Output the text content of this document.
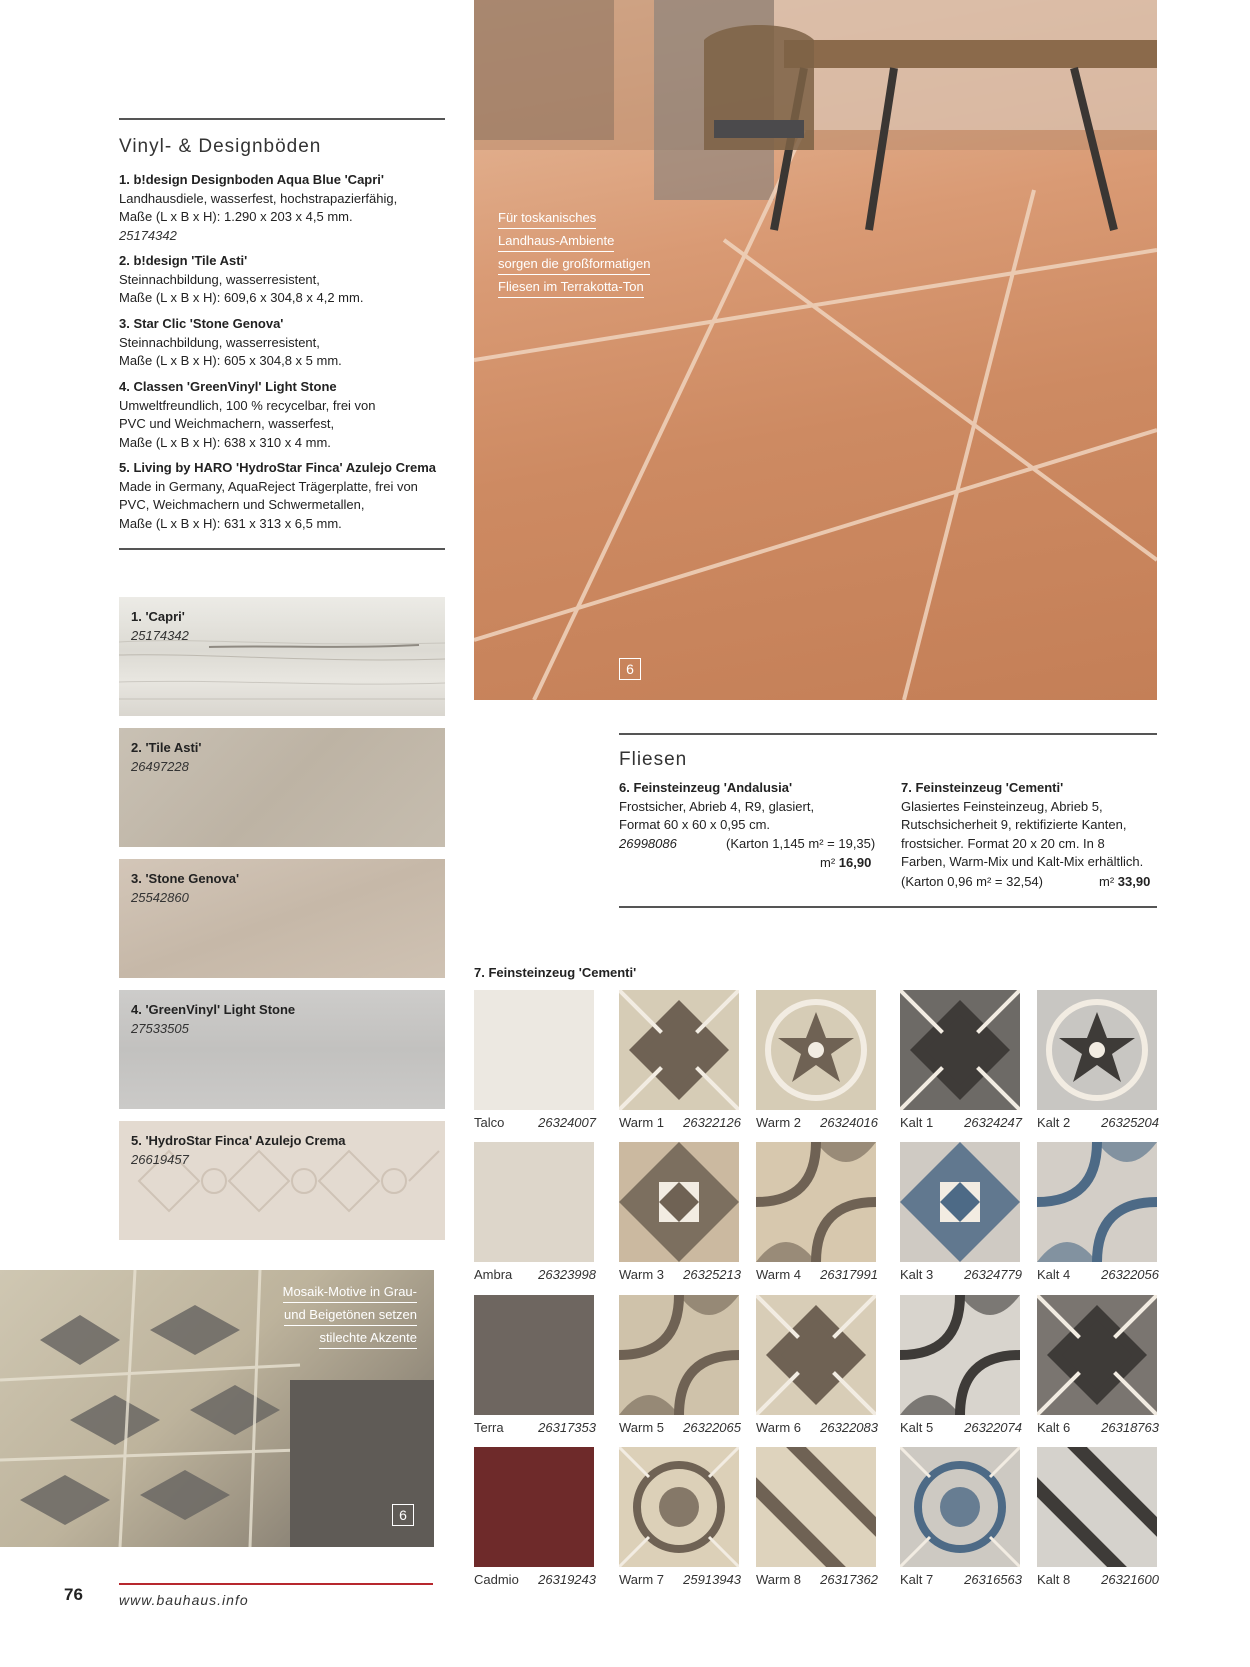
Vinyl- & Designböden
1. b!design Designboden Aqua Blue 'Capri'
Landhausdiele, wasserfest, hochstrapazierfähig,
Maße (L x B x H): 1.290 x 203 x 4,5 mm.
25174342
2. b!design 'Tile Asti'
Steinnachbildung, wasserresistent,
Maße (L x B x H): 609,6 x 304,8 x 4,2 mm.
3. Star Clic 'Stone Genova'
Steinnachbildung, wasserresistent,
Maße (L x B x H): 605 x 304,8 x 5 mm.
4. Classen 'GreenVinyl' Light Stone
Umweltfreundlich, 100 % recycelbar, frei von
PVC und Weichmachern, wasserfest,
Maße (L x B x H): 638 x 310 x 4 mm.
5. Living by HARO 'HydroStar Finca' Azulejo Crema
Made in Germany, AquaReject Trägerplatte, frei von
PVC, Weichmachern und Schwermetallen,
Maße (L x B x H): 631 x 313 x 6,5 mm.
1. 'Capri'
25174342
2. 'Tile Asti'
26497228
3. 'Stone Genova'
25542860
4. 'GreenVinyl' Light Stone
27533505
5. 'HydroStar Finca' Azulejo Crema
26619457
Mosaik-Motive in Grau-
und Beigetönen setzen
stilechte Akzente
6
76	www.bauhaus.info
Für toskanisches
Landhaus-Ambiente
sorgen die großformatigen
Fliesen im Terrakotta-Ton
6
Fliesen
6. Feinsteinzeug 'Andalusia'
Frostsicher, Abrieb 4, R9, glasiert,
Format 60 x 60 x 0,95 cm.
26998086	(Karton 1,145 m² = 19,35)
m² 16,90
7. Feinsteinzeug 'Cementi'
Glasiertes Feinsteinzeug, Abrieb 5,
Rutschsicherheit 9, rektifizierte Kanten,
frostsicher. Format 20 x 20 cm. In 8
Farben, Warm-Mix und Kalt-Mix erhältlich.
(Karton 0,96 m² = 32,54)	m² 33,90
7. Feinsteinzeug 'Cementi'
Talco	26324007 Warm 1 26322126 Warm 2 26324016 Kalt 1 26324247 Kalt 2 26325204
Ambra 26323998 Warm 3 26325213 Warm 4 26317991 Kalt 3 26324779 Kalt 4 26322056
Terra	26317353 Warm 5 26322065 Warm 6 26322083 Kalt 5 26322074 Kalt 6 26318763
Cadmio 26319243 Warm 7 25913943 Warm 8 26317362 Kalt 7 26316563 Kalt 8 26321600
